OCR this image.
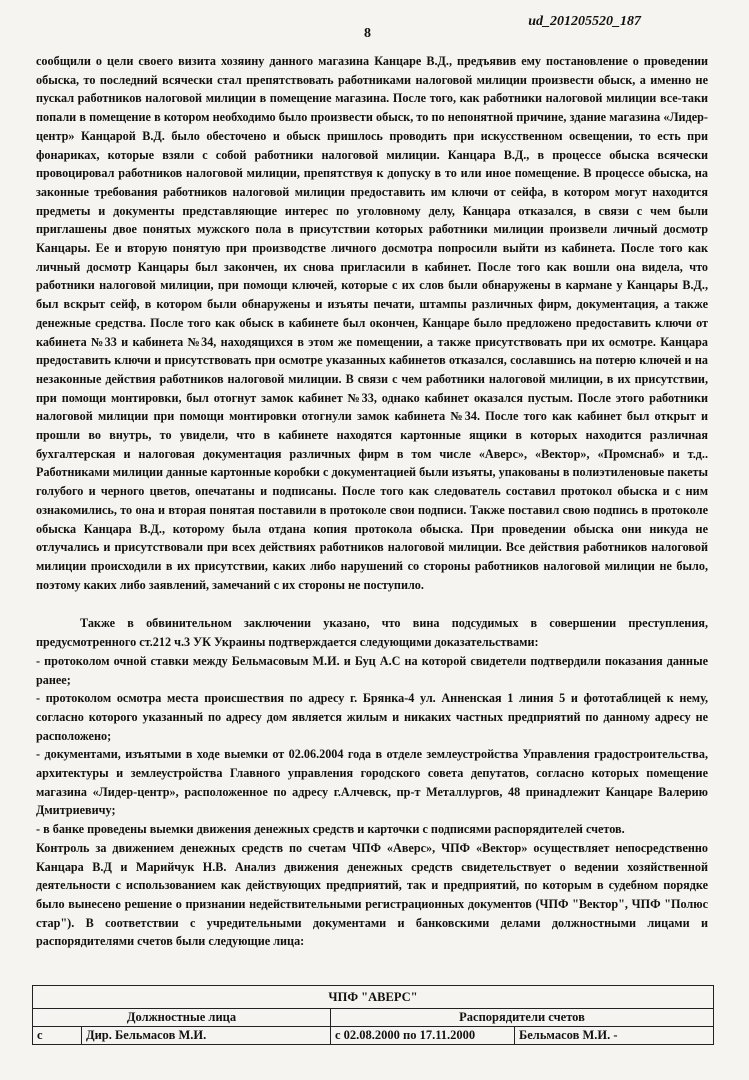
8
ud_201205520_187

сообщили о цели своего визита хозяину данного магазина Канцаре В.Д., предъявив ему постановление о проведении обыска, то последний всячески стал препятствовать работниками налоговой милиции произвести обыск, а именно не пускал работников налоговой милиции в помещение магазина. После того, как работники налоговой милиции все-таки попали в помещение в котором необходимо было произвести обыск, то по непонятной причине, здание магазина «Лидер-центр» Канцарой В.Д. было обесточено и обыск пришлось проводить при искусственном освещении, то есть при фонариках, которые взяли с собой работники налоговой милиции. Канцара В.Д., в процессе обыска всячески провоцировал работников налоговой милиции, препятствуя к допуску в то или иное помещение. В процессе обыска, на законные требования работников налоговой милиции предоставить им ключи от сейфа, в котором могут находится предметы и документы представляющие интерес по уголовному делу, Канцара отказался, в связи с чем были приглашены двое понятых мужского пола в присутствии которых работники милиции произвели личный досмотр Канцары. Ее и вторую понятую при производстве личного досмотра попросили выйти из кабинета. После того как личный досмотр Канцары был закончен, их снова пригласили в кабинет. После того как вошли она видела, что работники налоговой милиции, при помощи ключей, которые с их слов были обнаружены в кармане у Канцары В.Д., был вскрыт сейф, в котором были обнаружены и изъяты печати, штампы различных фирм, документация, а также денежные средства. После того как обыск в кабинете был окончен, Канцаре было предложено предоставить ключи от кабинета №33 и кабинета №34, находящихся в этом же помещении, а также присутствовать при их осмотре. Канцара предоставить ключи и присутствовать при осмотре указанных кабинетов отказался, сославшись на потерю ключей и на незаконные действия работников налоговой милиции. В связи с чем работники налоговой милиции, в их присутствии, при помощи монтировки, был отогнут замок кабинет №33, однако кабинет оказался пустым. После этого работники налоговой милиции при помощи монтировки отогнули замок кабинета №34. После того как кабинет был открыт и прошли во внутрь, то увидели, что в кабинете находятся картонные ящики в которых находится различная бухгалтерская и налоговая документация различных фирм в том числе «Аверс», «Вектор», «Промснаб» и т.д.. Работниками милиции данные картонные коробки с документацией были изъяты, упакованы в полиэтиленовые пакеты голубого и черного цветов, опечатаны и подписаны. После того как следователь составил протокол обыска и с ним ознакомились, то она и вторая понятая поставили в протоколе свои подписи. Также поставил свою подпись в протоколе обыска Канцара В.Д., которому была отдана копия протокола обыска. При проведении обыска они никуда не отлучались и присутствовали при всех действиях работников налоговой милиции. Все действия работников налоговой милиции происходили в их присутствии, каких либо нарушений со стороны работников налоговой милиции не было, поэтому каких либо заявлений, замечаний с их стороны не поступило.

Также в обвинительном заключении указано, что вина подсудимых в совершении преступления, предусмотренного ст.212 ч.3 УК Украины подтверждается следующими доказательствами:

- протоколом очной ставки между Бельмасовым М.И. и Буц А.С на которой свидетели подтвердили показания данные ранее;

- протоколом осмотра места происшествия по адресу г. Брянка-4 ул. Анненская 1 линия 5 и фототаблицей к нему, согласно которого указанный по адресу дом является жилым и никаких частных предприятий по данному адресу не расположено;

- документами, изъятыми в ходе выемки от 02.06.2004 года в отделе землеустройства Управления градостроительства, архитектуры и землеустройства Главного управления городского совета депутатов, согласно которых помещение магазина «Лидер-центр», расположенное по адресу г.Алчевск, пр-т Металлургов, 48 принадлежит Канцаре Валерию Дмитриевичу;

- в банке проведены выемки движения денежных средств и карточки с подписями распорядителей счетов.

Контроль за движением денежных средств по счетам ЧПФ «Аверс», ЧПФ «Вектор» осуществляет непосредственно Канцара В.Д и Марийчук Н.В. Анализ движения денежных средств свидетельствует о ведении хозяйственной деятельности с использованием как действующих предприятий, так и предприятий, по которым в судебном порядке было вынесено решение о признании недействительными регистрационных документов (ЧПФ "Вектор", ЧПФ "Полюс стар"). В соответствии с учредительными документами и банковскими делами должностными лицами и распорядителями счетов были следующие лица:

ЧПФ "АВЕРС"			
Должностные лица		Распорядители счетов	
с	Дир. Бельмасов М.И.	с 02.08.2000 по 17.11.2000	Бельмасов М.И. -
